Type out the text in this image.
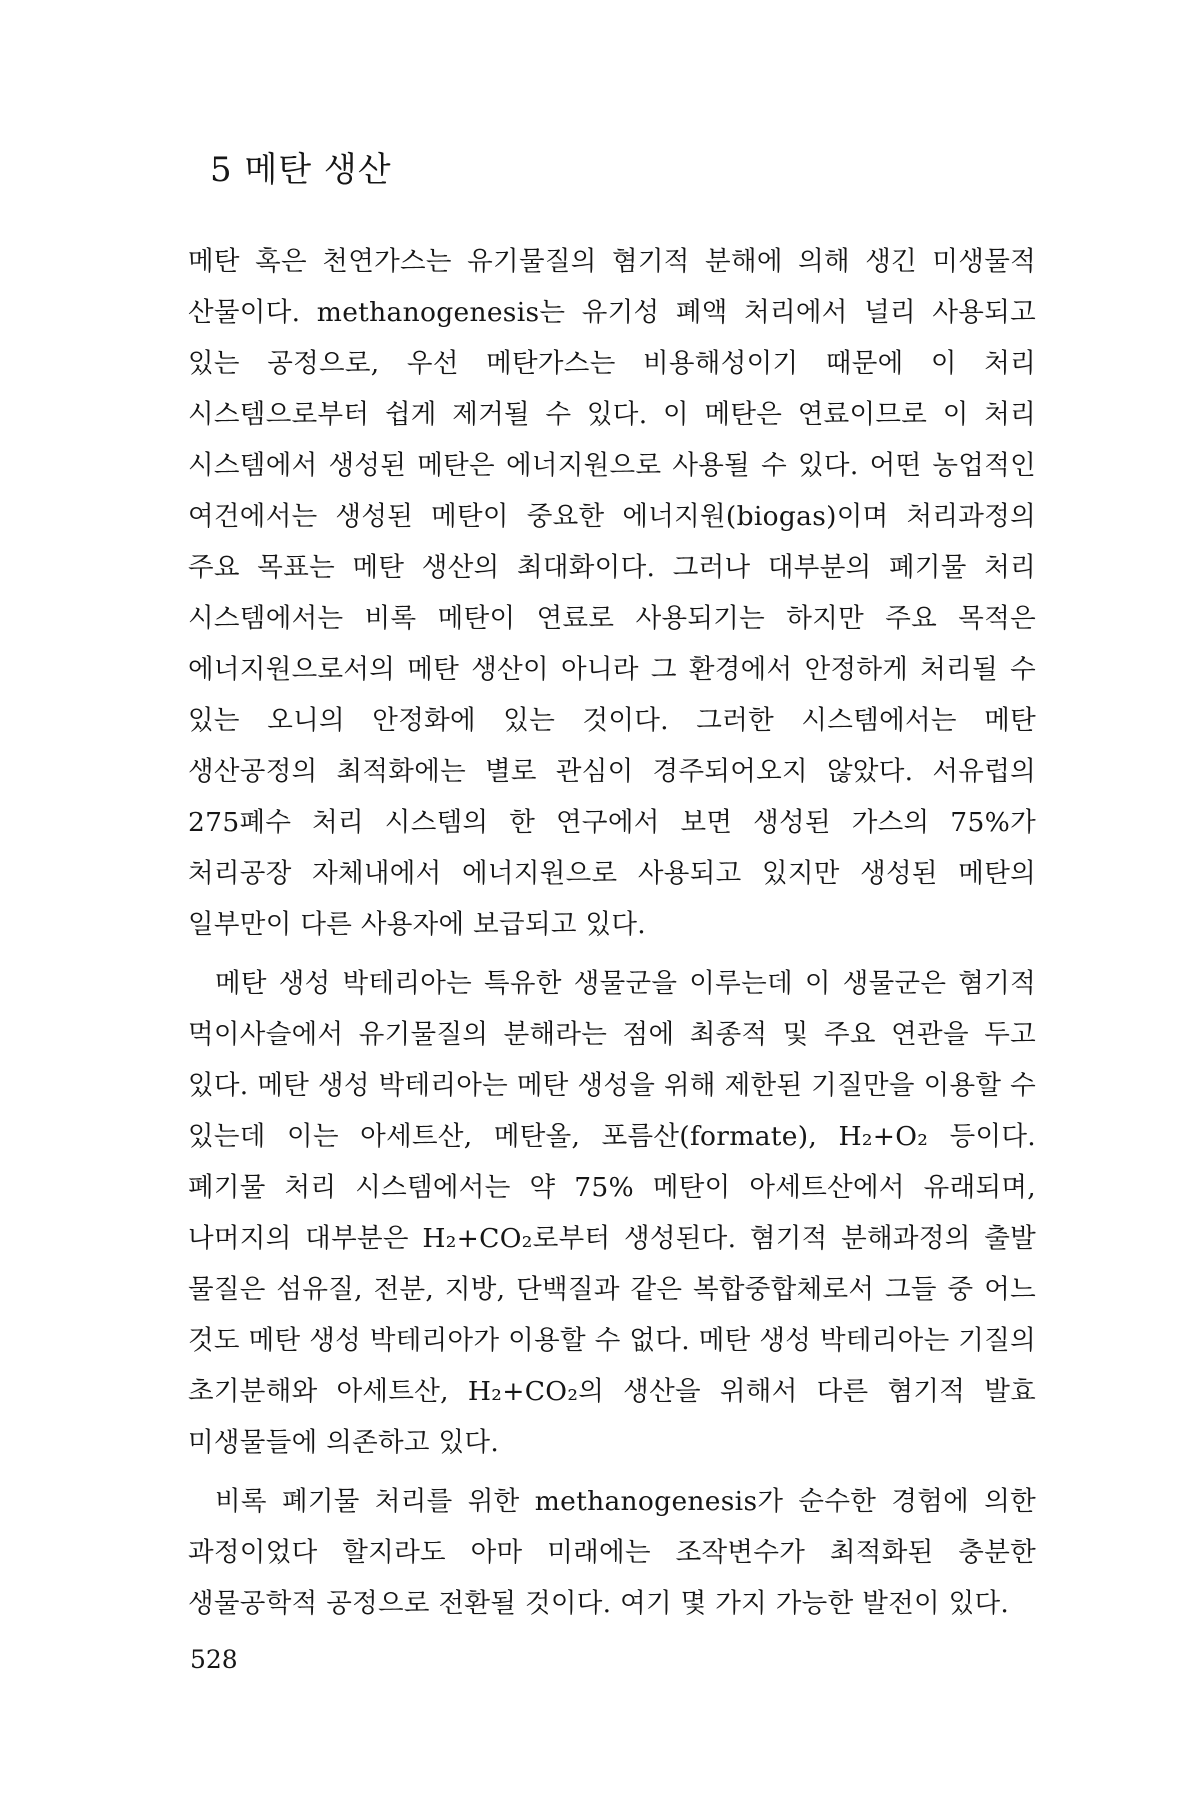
5 메탄 생산

메탄 혹은 천연가스는 유기물질의 혐기적 분해에 의해 생긴 미생물적 산물이다. methanogenesis는 유기성 폐액 처리에서 널리 사용되고 있는 공정으로, 우선 메탄가스는 비용해성이기 때문에 이 처리 시스템으로부터 쉽게 제거될 수 있다. 이 메탄은 연료이므로 이 처리 시스템에서 생성된 메탄은 에너지원으로 사용될 수 있다. 어떤 농업적인 여건에서는 생성된 메탄이 중요한 에너지원(biogas)이며 처리과정의 주요 목표는 메탄 생산의 최대화이다. 그러나 대부분의 폐기물 처리 시스템에서는 비록 메탄이 연료로 사용되기는 하지만 주요 목적은 에너지원으로서의 메탄 생산이 아니라 그 환경에서 안정하게 처리될 수 있는 오니의 안정화에 있는 것이다. 그러한 시스템에서는 메탄 생산공정의 최적화에는 별로 관심이 경주되어오지 않았다. 서유럽의 275폐수 처리 시스템의 한 연구에서 보면 생성된 가스의 75%가 처리공장 자체내에서 에너지원으로 사용되고 있지만 생성된 메탄의 일부만이 다른 사용자에 보급되고 있다.

메탄 생성 박테리아는 특유한 생물군을 이루는데 이 생물군은 혐기적 먹이사슬에서 유기물질의 분해라는 점에 최종적 및 주요 연관을 두고 있다. 메탄 생성 박테리아는 메탄 생성을 위해 제한된 기질만을 이용할 수 있는데 이는 아세트산, 메탄올, 포름산(formate), H₂+O₂ 등이다. 폐기물 처리 시스템에서는 약 75% 메탄이 아세트산에서 유래되며, 나머지의 대부분은 H₂+CO₂로부터 생성된다. 혐기적 분해과정의 출발 물질은 섬유질, 전분, 지방, 단백질과 같은 복합중합체로서 그들 중 어느 것도 메탄 생성 박테리아가 이용할 수 없다. 메탄 생성 박테리아는 기질의 초기분해와 아세트산, H₂+CO₂의 생산을 위해서 다른 혐기적 발효 미생물들에 의존하고 있다.

비록 폐기물 처리를 위한 methanogenesis가 순수한 경험에 의한 과정이었다 할지라도 아마 미래에는 조작변수가 최적화된 충분한 생물공학적 공정으로 전환될 것이다. 여기 몇 가지 가능한 발전이 있다.

528
